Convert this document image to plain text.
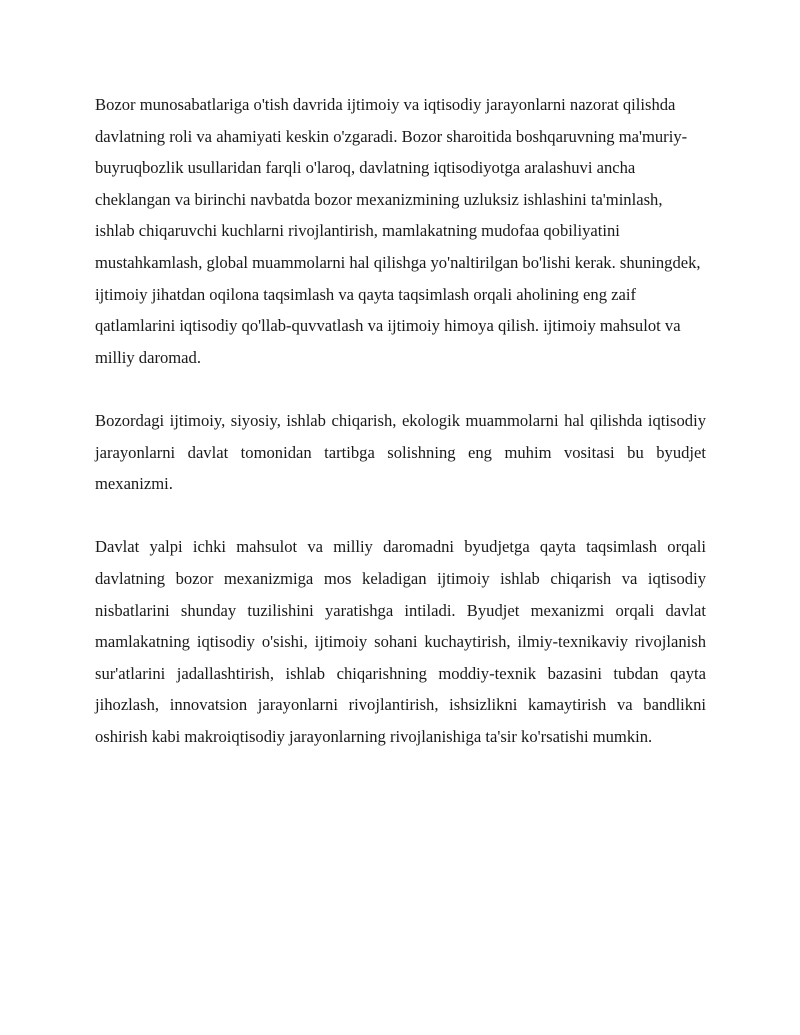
Bozor munosabatlariga o'tish davrida ijtimoiy va iqtisodiy jarayonlarni nazorat qilishda davlatning roli va ahamiyati keskin o'zgaradi. Bozor sharoitida boshqaruvning ma'muriy-buyruqbozlik usullaridan farqli o'laroq, davlatning iqtisodiyotga aralashuvi ancha cheklangan va birinchi navbatda bozor mexanizmining uzluksiz ishlashini ta'minlash, ishlab chiqaruvchi kuchlarni rivojlantirish, mamlakatning mudofaa qobiliyatini mustahkamlash, global muammolarni hal qilishga yo'naltirilgan bo'lishi kerak. shuningdek, ijtimoiy jihatdan oqilona taqsimlash va qayta taqsimlash orqali aholining eng zaif qatlamlarini iqtisodiy qo'llab-quvvatlash va ijtimoiy himoya qilish. ijtimoiy mahsulot va milliy daromad.

Bozordagi ijtimoiy, siyosiy, ishlab chiqarish, ekologik muammolarni hal qilishda iqtisodiy jarayonlarni davlat tomonidan tartibga solishning eng muhim vositasi bu byudjet mexanizmi.

Davlat yalpi ichki mahsulot va milliy daromadni byudjetga qayta taqsimlash orqali davlatning bozor mexanizmiga mos keladigan ijtimoiy ishlab chiqarish va iqtisodiy nisbatlarini shunday tuzilishini yaratishga intiladi. Byudjet mexanizmi orqali davlat mamlakatning iqtisodiy o'sishi, ijtimoiy sohani kuchaytirish, ilmiy-texnikaviy rivojlanish sur'atlarini jadallashtirish, ishlab chiqarishning moddiy-texnik bazasini tubdan qayta jihozlash, innovatsion jarayonlarni rivojlantirish, ishsizlikni kamaytirish va bandlikni oshirish kabi makroiqtisodiy jarayonlarning rivojlanishiga ta'sir ko'rsatishi mumkin.
